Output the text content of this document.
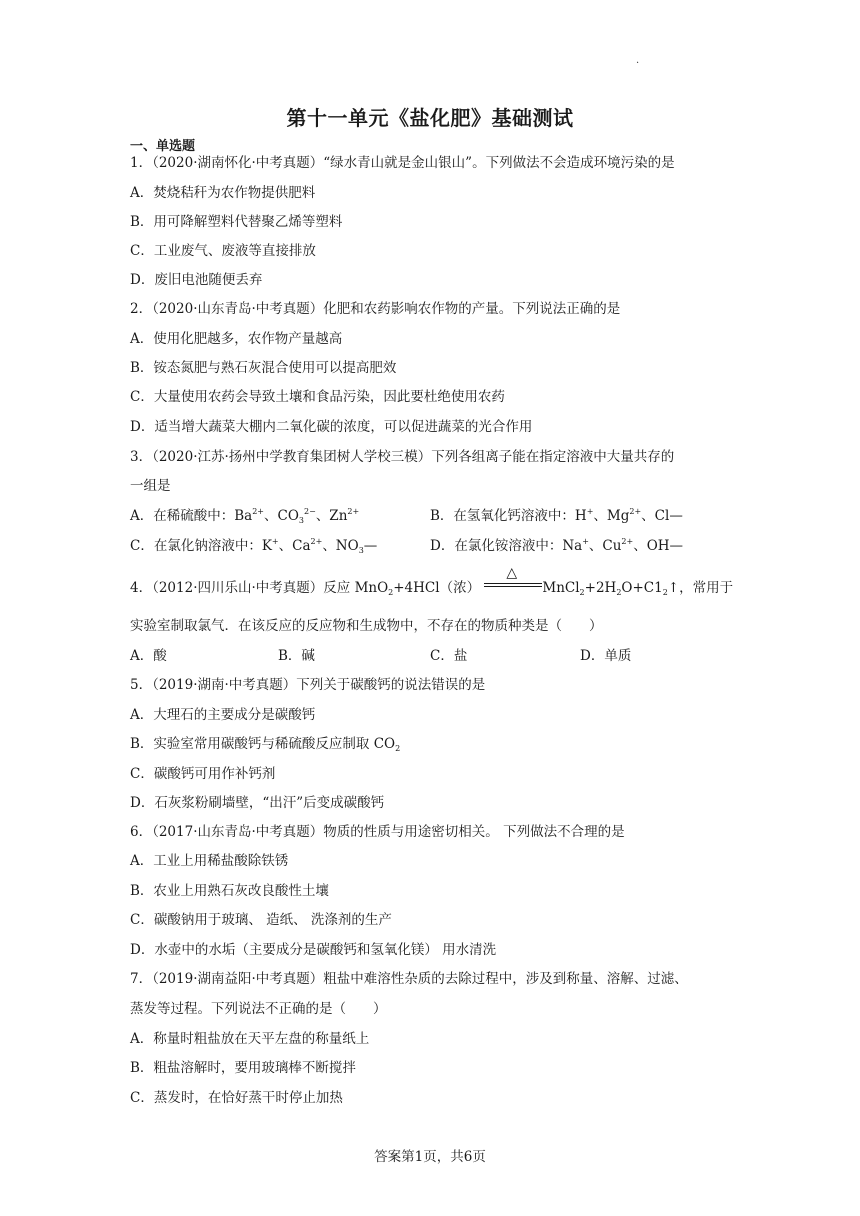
·
第十一单元《盐化肥》基础测试
一、单选题
1．（2020·湖南怀化·中考真题）“绿水青山就是金山银山”。下列做法不会造成环境污染的是
A．焚烧秸秆为农作物提供肥料
B．用可降解塑料代替聚乙烯等塑料
C．工业废气、废液等直接排放
D．废旧电池随便丢弃
2．（2020·山东青岛·中考真题）化肥和农药影响农作物的产量。下列说法正确的是
A．使用化肥越多，农作物产量越高
B．铵态氮肥与熟石灰混合使用可以提高肥效
C．大量使用农药会导致土壤和食品污染，因此要杜绝使用农药
D．适当增大蔬菜大棚内二氧化碳的浓度，可以促进蔬菜的光合作用
3．（2020·江苏·扬州中学教育集团树人学校三模）下列各组离子能在指定溶液中大量共存的
一组是
A．在稀硫酸中：$Ba^{2+}$、$CO_3^{2-}$、$Zn^{2+}$	B．在氢氧化钙溶液中：H+、$Mg^{2+}$、Cl—
C．在氯化钠溶液中：K+、$Ca^{2+}$、$NO_3—$	D．在氯化铵溶液中：Na+、$Cu^{2+}$、OH—
4．（2012·四川乐山·中考真题）反应 MnO$_2$+4HCl（浓）
△
$MnCl_2+2H_2O+C1_2↑$，常用于
实验室制取氯气．在该反应的反应物和生成物中，不存在的物质种类是（　　）
A．酸	B．碱	C．盐	D．单质
5．（2019·湖南·中考真题）下列关于碳酸钙的说法错误的是
A．大理石的主要成分是碳酸钙
B．实验室常用碳酸钙与稀硫酸反应制取 $CO_2$
C．碳酸钙可用作补钙剂
D．石灰浆粉刷墙壁，“出汗”后变成碳酸钙
6．（2017·山东青岛·中考真题）物质的性质与用途密切相关。 下列做法不合理的是
A．工业上用稀盐酸除铁锈
B．农业上用熟石灰改良酸性土壤
C．碳酸钠用于玻璃、 造纸、 洗涤剂的生产
D．水壶中的水垢（主要成分是碳酸钙和氢氧化镁） 用水清洗
7．（2019·湖南益阳·中考真题）粗盐中难溶性杂质的去除过程中，涉及到称量、溶解、过滤、
蒸发等过程。下列说法不正确的是（　　）
A．称量时粗盐放在天平左盘的称量纸上
B．粗盐溶解时，要用玻璃棒不断搅拌
C．蒸发时，在恰好蒸干时停止加热
答案第1页，共6页
